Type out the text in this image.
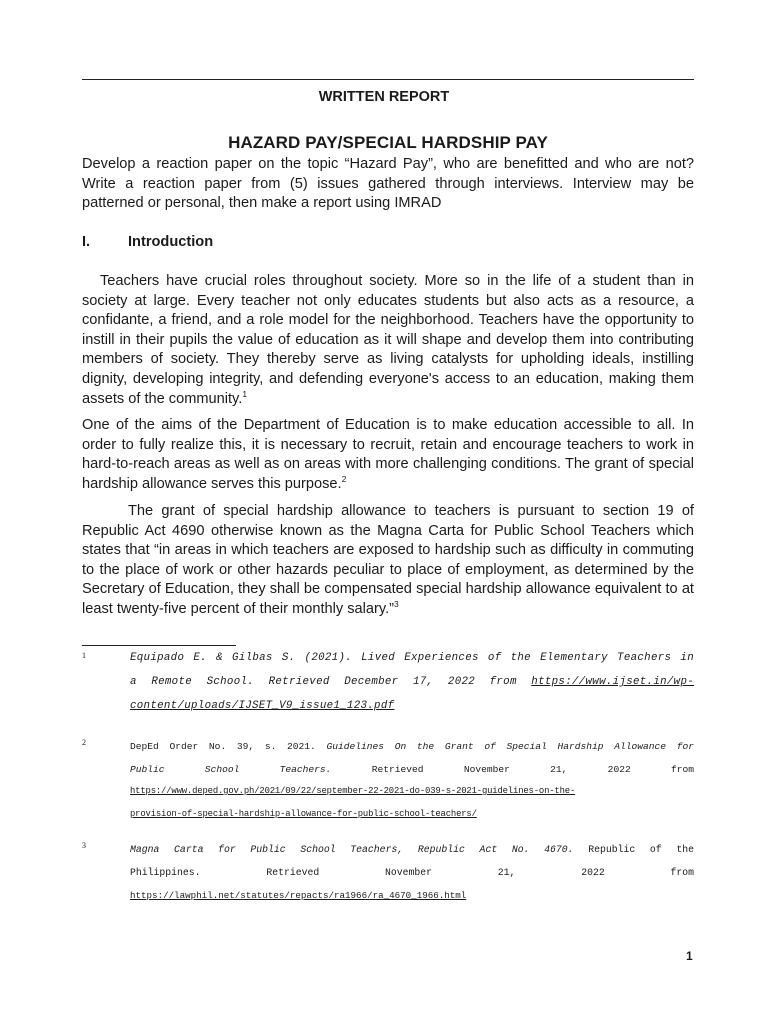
WRITTEN REPORT
HAZARD PAY/SPECIAL HARDSHIP PAY

Develop a reaction paper on the topic “Hazard Pay”, who are benefitted and who are not? Write a reaction paper from (5) issues gathered through interviews. Interview may be patterned or personal, then make a report using IMRAD

I.	Introduction

Teachers have crucial roles throughout society. More so in the life of a student than in society at large. Every teacher not only educates students but also acts as a resource, a confidante, a friend, and a role model for the neighborhood. Teachers have the opportunity to instill in their pupils the value of education as it will shape and develop them into contributing members of society. They thereby serve as living catalysts for upholding ideals, instilling dignity, developing integrity, and defending everyone's access to an education, making them assets of the community.$^1$

One of the aims of the Department of Education is to make education accessible to all. In order to fully realize this, it is necessary to recruit, retain and encourage teachers to work in hard-to-reach areas as well as on areas with more challenging conditions. The grant of special hardship allowance serves this purpose.$^2$

The grant of special hardship allowance to teachers is pursuant to section 19 of Republic Act 4690 otherwise known as the Magna Carta for Public School Teachers which states that “in areas in which teachers are exposed to hardship such as difficulty in commuting to the place of work or other hazards peculiar to place of employment, as determined by the Secretary of Education, they shall be compensated special hardship allowance equivalent to at least twenty-five percent of their monthly salary.”$^3$

1	Equipado E. & Gilbas S. (2021). Lived Experiences of the Elementary Teachers in
a Remote School. Retrieved December 17, 2022 from https://www.ijset.in/wp-
content/uploads/IJSET_V9_issue1_123.pdf
2	DepEd Order No. 39, s. 2021. Guidelines On the Grant of Special Hardship Allowance for
Public School Teachers.	Retrieved November 21, 2022 from
https://www.deped.gov.ph/2021/09/22/september-22-2021-do-039-s-2021-guidelines-on-the-
provision-of-special-hardship-allowance-for-public-school-teachers/
3	Magna Carta for Public School Teachers, Republic Act No. 4670. Republic of the
Philippines. Retrieved November 21, 2022 from
https://lawphil.net/statutes/repacts/ra1966/ra_4670_1966.html
1
